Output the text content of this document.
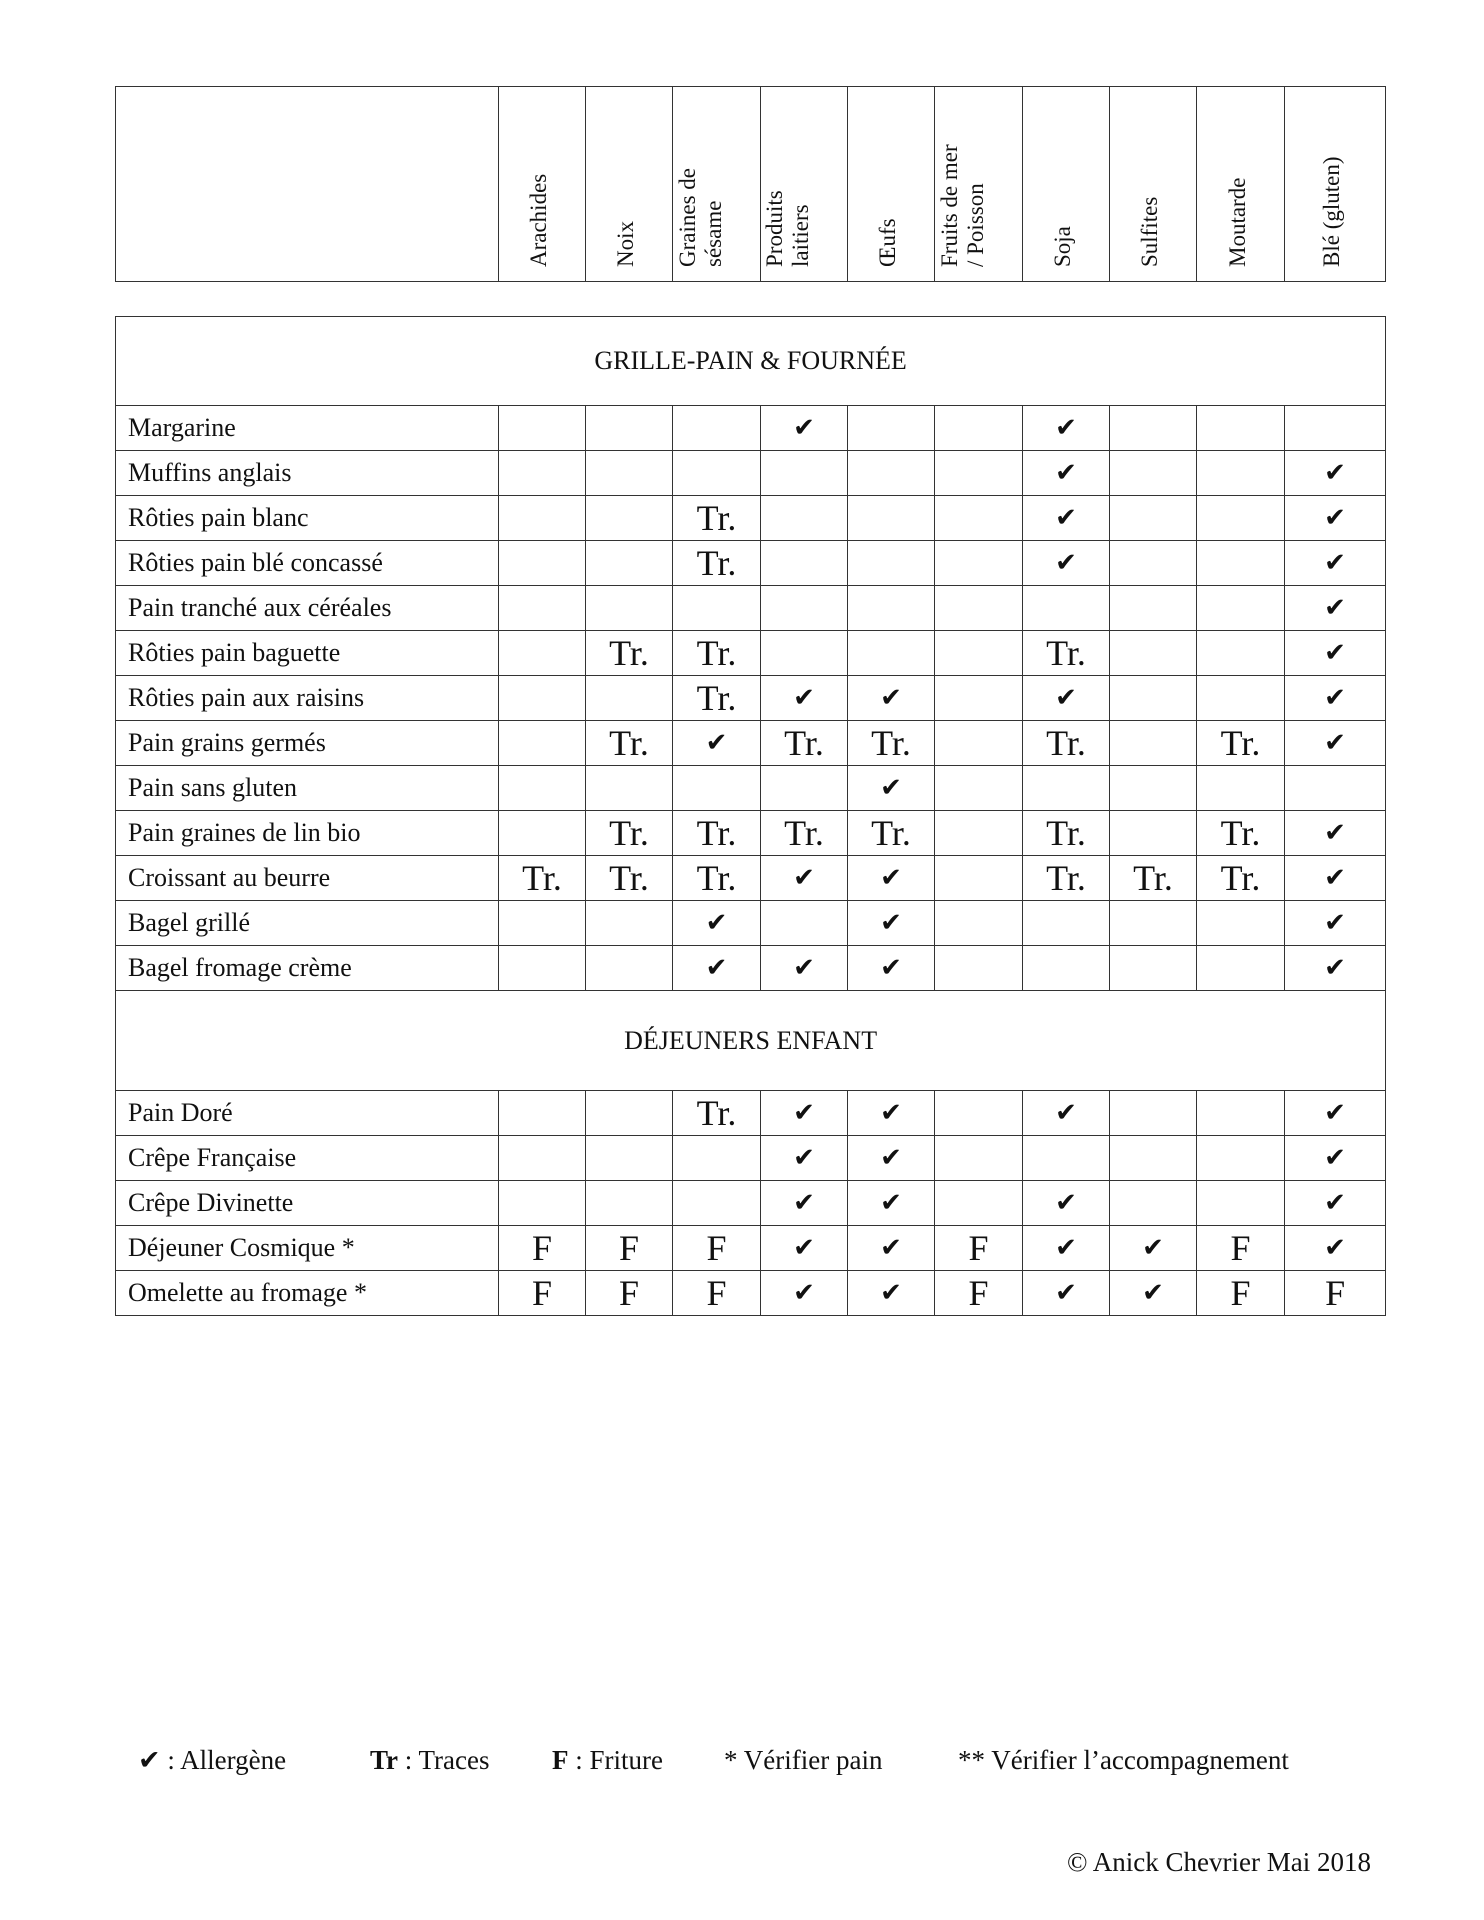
Arachides	Noix	Graines de
sésame	Produits
laitiers	Œufs	Fruits de mer
/ Poisson	Soja	Sulfites	Moutarde	Blé (gluten)
GRILLE-PAIN & FOURNÉE										
Margarine				✔			✔			
Muffins anglais							✔			✔
Rôties pain blanc			Tr.				✔			✔
Rôties pain blé concassé			Tr.				✔			✔
Pain tranché aux céréales										✔
Rôties pain baguette		Tr.	Tr.				Tr.			✔
Rôties pain aux raisins			Tr.	✔	✔		✔			✔
Pain grains germés		Tr.	✔	Tr.	Tr.		Tr.		Tr.	✔
Pain sans gluten					✔					
Pain graines de lin bio		Tr.	Tr.	Tr.	Tr.		Tr.		Tr.	✔
Croissant au beurre	Tr.	Tr.	Tr.	✔	✔		Tr.	Tr.	Tr.	✔
Bagel grillé			✔		✔					✔
Bagel fromage crème			✔	✔	✔					✔
DÉJEUNERS ENFANT										
Pain Doré			Tr.	✔	✔		✔			✔
Crêpe Française				✔	✔					✔
Crêpe Divinette				✔	✔		✔			✔
Déjeuner Cosmique *	F	F	F	✔	✔	F	✔	✔	F	✔
Omelette au fromage *	F	F	F	✔	✔	F	✔	✔	F	F
✔ : Allergène	Tr : Traces F : Friture * Vérifier pain	** Vérifier l’accompagnement
© Anick Chevrier Mai 2018
